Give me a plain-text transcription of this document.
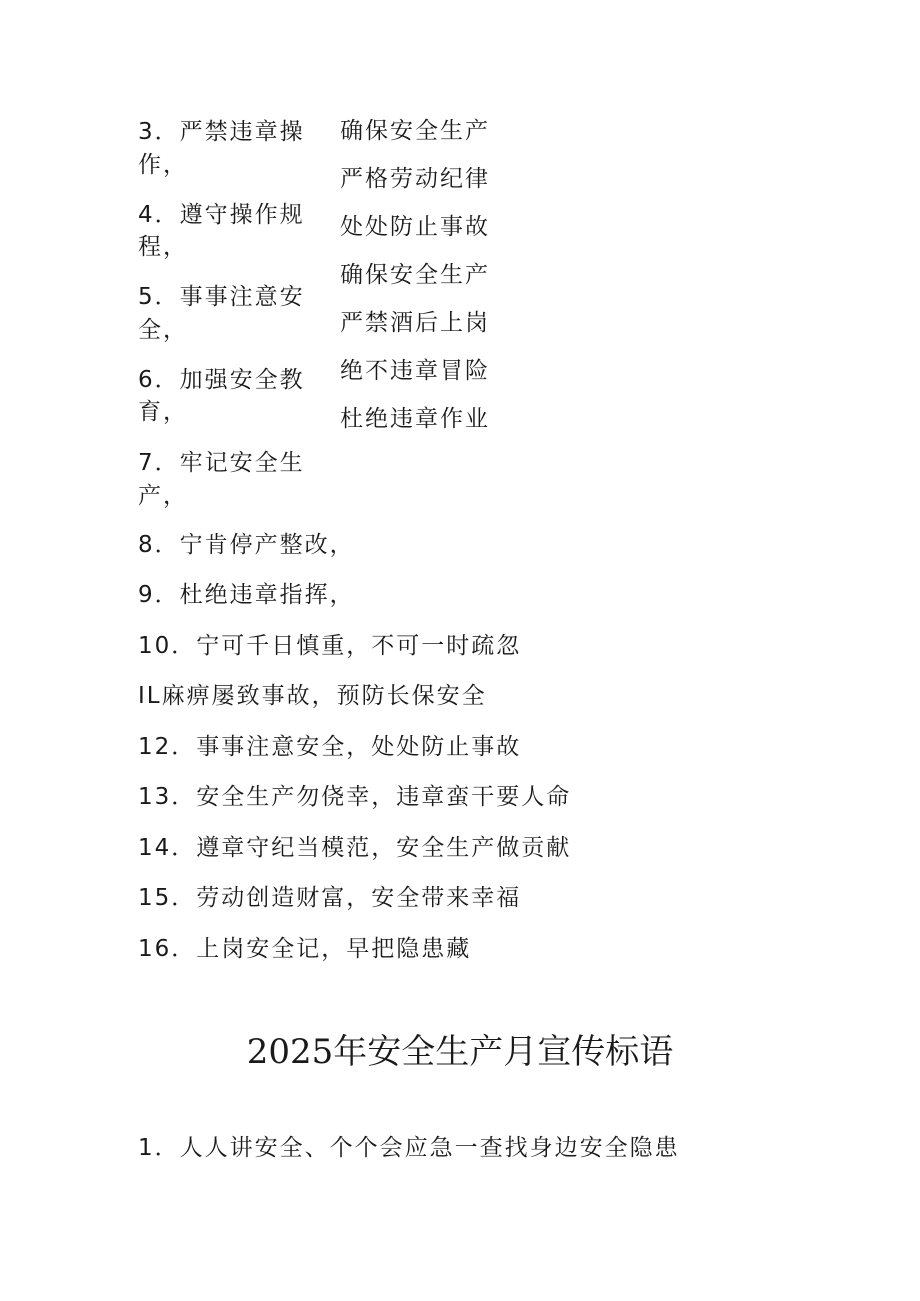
3．严禁违章操
作，
4．遵守操作规
程，
5．事事注意安
全，
6．加强安全教
育，
7．牢记安全生
产，
8．宁肯停产整改，
9．杜绝违章指挥，
10．宁可千日慎重，不可一时疏忽
IL麻痹屡致事故，预防长保安全
12．事事注意安全，处处防止事故
13．安全生产勿侥幸，违章蛮干要人命
14．遵章守纪当模范，安全生产做贡献
15．劳动创造财富，安全带来幸福
16．上岗安全记，早把隐患藏
确保安全生产
严格劳动纪律
处处防止事故
确保安全生产
严禁酒后上岗
绝不违章冒险
杜绝违章作业
2025年安全生产月宣传标语
1．人人讲安全、个个会应急一查找身边安全隐患
